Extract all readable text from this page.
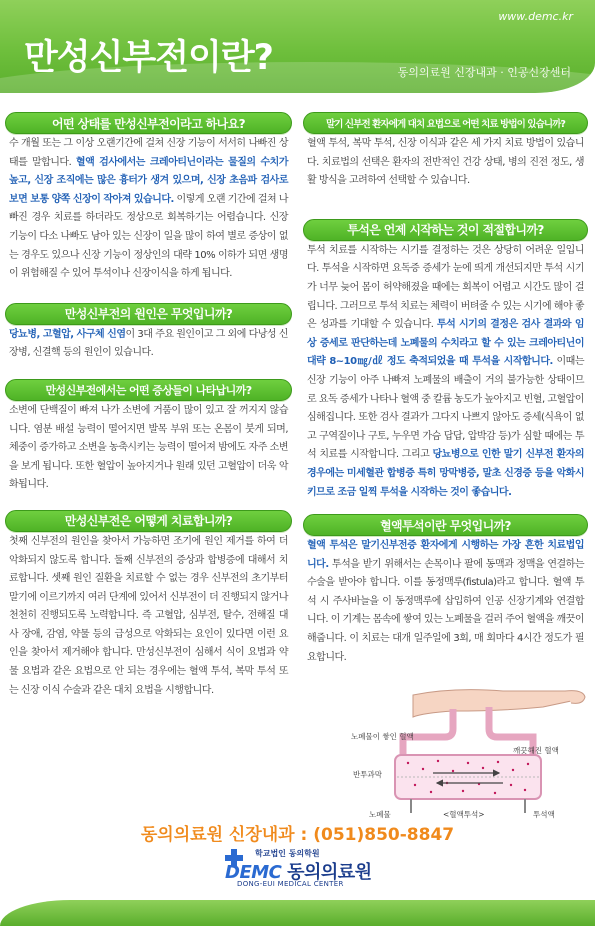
www.demc.kr
만성신부전이란?	동의의료원 신장내과 · 인공신장센터
어떤 상태를 만성신부전이라고 하나요?

수 개월 또는 그 이상 오랜기간에 걸쳐 신장 기능이 서서히 나빠진 상태를 말합니다. 혈액 검사에서는 크레아티닌이라는 물질의 수치가 높고, 신장 조직에는 많은 흉터가 생겨 있으며, 신장 초음파 검사로 보면 보통 양쪽 신장이 작아져 있습니다. 이렇게 오랜 기간에 걸쳐 나빠진 경우 치료를 하더라도 정상으로 회복하기는 어렵습니다. 신장 기능이 다소 나빠도 남아 있는 신장이 일을 많이 하여 별로 증상이 없는 경우도 있으나 신장 기능이 정상인의 대략 10% 이하가 되면 생명이 위험해질 수 있어 투석이나 신장이식을 하게 됩니다.

만성신부전의 원인은 무엇입니까?

당뇨병, 고혈압, 사구체 신염이 3대 주요 원인이고 그 외에 다낭성 신장병, 신결핵 등의 원인이 있습니다.

만성신부전에서는 어떤 증상들이 나타납니까?

소변에 단백질이 빠져 나가 소변에 거품이 많이 있고 잘 꺼지지 않습니다. 염분 배설 능력이 떨어지면 발목 부위 또는 온몸이 붓게 되며, 체중이 증가하고 소변을 농축시키는 능력이 떨어져 밤에도 자주 소변을 보게 됩니다. 또한 혈압이 높아지거나 원래 있던 고혈압이 더욱 악화됩니다.

만성신부전은 어떻게 치료합니까?

첫째 신부전의 원인을 찾아서 가능하면 조기에 원인 제거를 하여 더 악화되지 않도록 합니다. 둘째 신부전의 증상과 합병증에 대해서 치료합니다. 셋째 원인 질환을 치료할 수 없는 경우 신부전의 초기부터 말기에 이르기까지 여러 단계에 있어서 신부전이 더 진행되지 않거나 천천히 진행되도록 노력합니다. 즉 고혈압, 심부전, 탈수, 전해질 대사 장애, 감염, 약물 등의 급성으로 악화되는 요인이 있다면 이런 요인을 찾아서 제거해야 합니다. 만성신부전이 심해서 식이 요법과 약물 요법과 같은 요법으로 안 되는 경우에는 혈액 투석, 복막 투석 또는 신장 이식 수술과 같은 대치 요법을 시행합니다.

말기 신부전 환자에게 대치 요법으로 어떤 치료 방법이 있습니까?

혈액 투석, 복막 투석, 신장 이식과 같은 세 가지 치료 방법이 있습니다. 치료법의 선택은 환자의 전반적인 건강 상태, 병의 진전 정도, 생활 방식을 고려하여 선택할 수 있습니다.

투석은 언제 시작하는 것이 적절합니까?

투석 치료를 시작하는 시기를 결정하는 것은 상당히 어려운 일입니다. 투석을 시작하면 요독증 증세가 눈에 띄게 개선되지만 투석 시기가 너무 늦어 몸이 허약해졌을 때에는 회복이 어렵고 시간도 많이 걸립니다. 그러므로 투석 치료는 체력이 버텨줄 수 있는 시기에 해야 좋은 성과를 기대할 수 있습니다. 투석 시기의 결정은 검사 결과와 임상 증세로 판단하는데 노폐물의 수치라고 할 수 있는 크레아티닌이 대략 8~10㎎/㎗ 정도 축적되었을 때 투석을 시작합니다. 이때는 신장 기능이 아주 나빠져 노폐물의 배출이 거의 불가능한 상태이므로 요독 증세가 나타나 혈액 중 칼륨 농도가 높아지고 빈혈, 고혈압이 심해집니다. 또한 검사 결과가 그다지 나쁘지 않아도 증세(식욕이 없고 구역질이나 구토, 누우면 가슴 답답, 압박감 등)가 심할 때에는 투석 치료를 시작합니다. 그리고 당뇨병으로 인한 말기 신부전 환자의 경우에는 미세혈관 합병증 특히 망막병증, 말초 신경증 등을 악화시키므로 조금 일찍 투석을 시작하는 것이 좋습니다.

혈액투석이란 무엇입니까?

혈액 투석은 말기신부전증 환자에게 시행하는 가장 흔한 치료법입니다. 투석을 받기 위해서는 손목이나 팔에 동맥과 정맥을 연결하는 수술을 받아야 합니다. 이를 동정맥루(fistula)라고 합니다. 혈액 투석 시 주사바늘을 이 동정맥루에 삽입하여 인공 신장기계와 연결합니다. 이 기계는 몸속에 쌓여 있는 노폐물을 걸러 주어 혈액을 깨끗이 해줍니다. 이 치료는 대개 일주일에 3회, 매 회마다 4시간 정도가 필요합니다.

노폐물이 쌓인 혈액
깨끗해진 혈액
반투과막
노폐물	<혈액투석>	투석액
동의의료원 신장내과 : (051)850-8847
학교법인 동의학원
DEMC 동의의료원
DONG-EUI MEDICAL CENTER
